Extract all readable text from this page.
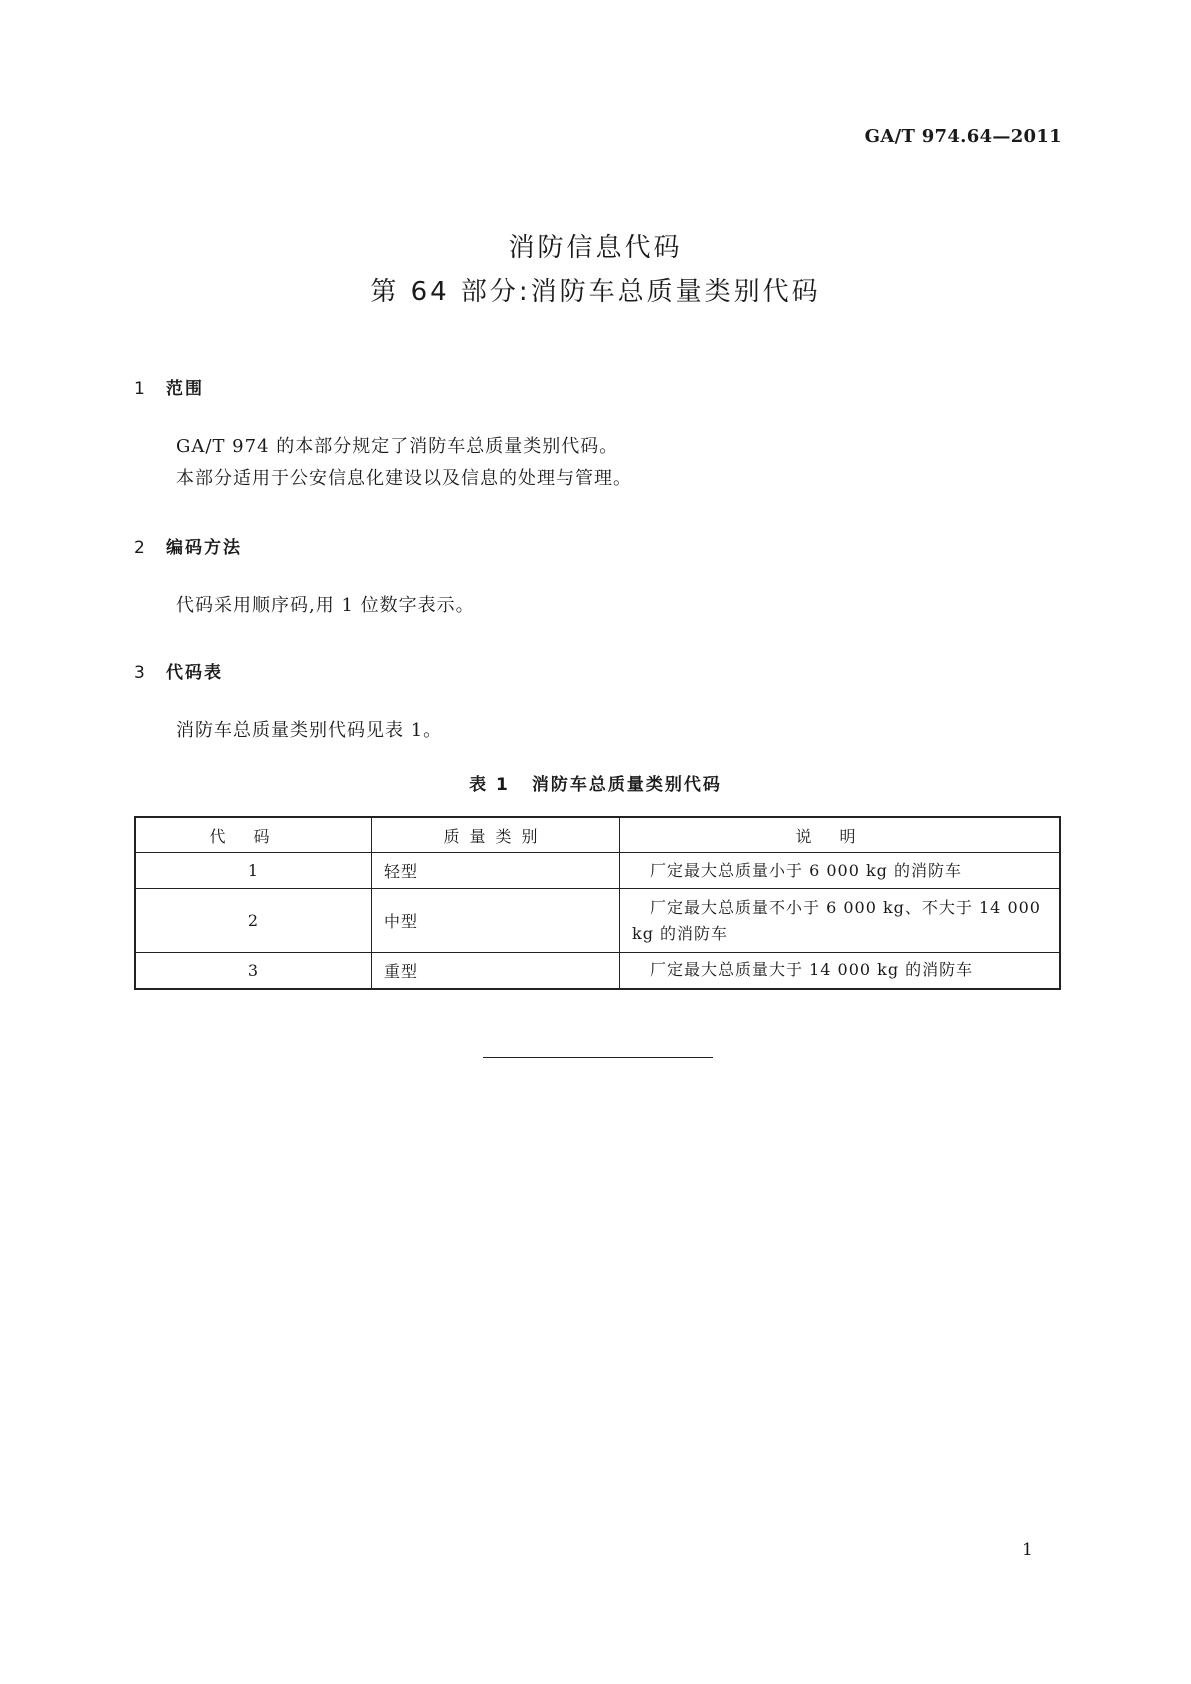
GA/T 974.64—2011
消防信息代码
第 64 部分:消防车总质量类别代码
1 范围
GA/T 974 的本部分规定了消防车总质量类别代码。
本部分适用于公安信息化建设以及信息的处理与管理。
2 编码方法
代码采用顺序码,用 1 位数字表示。
3 代码表
消防车总质量类别代码见表 1。
表 1 消防车总质量类别代码
代码	质量类别	说明
1	轻型	厂定最大总质量小于 6 000 kg 的消防车
2	中型	厂定最大总质量不小于 6 000 kg、不大于 14 000 kg 的消防车
3	重型	厂定最大总质量大于 14 000 kg 的消防车
1
